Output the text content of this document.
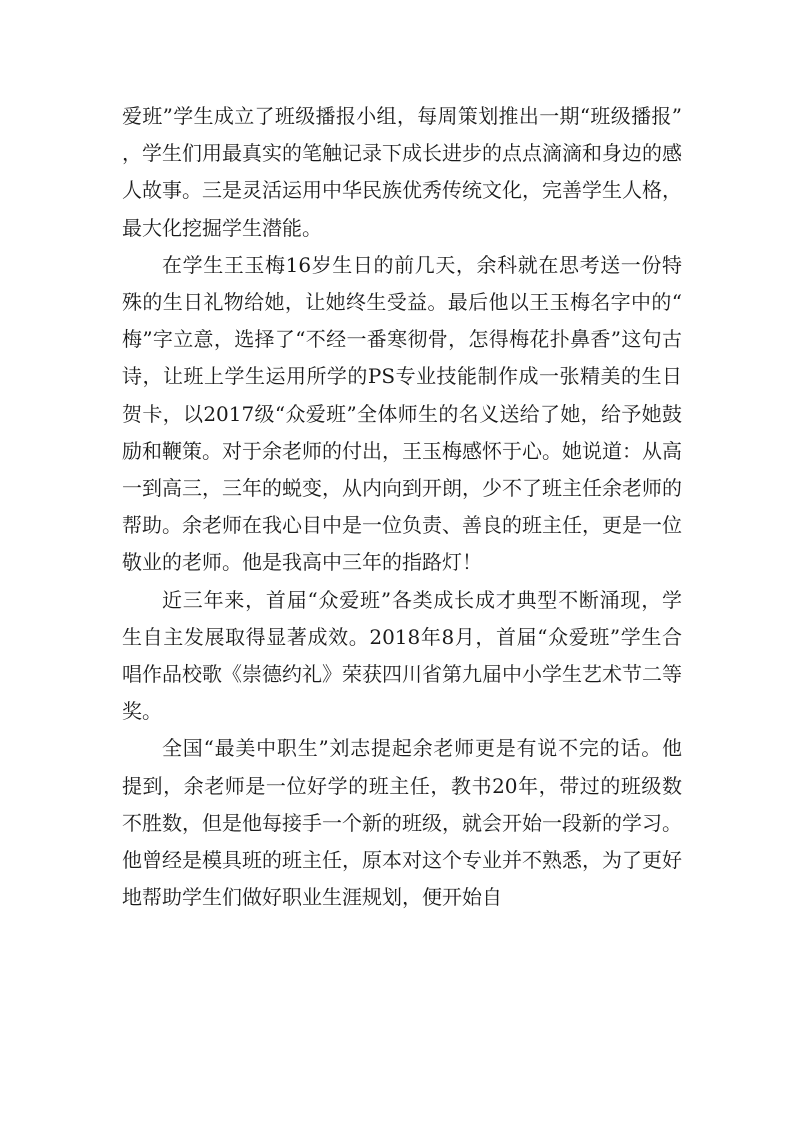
爱班”学生成立了班级播报小组，每周策划推出一期“班级播报”，学生们用最真实的笔触记录下成长进步的点点滴滴和身边的感人故事。三是灵活运用中华民族优秀传统文化，完善学生人格，最大化挖掘学生潜能。

在学生王玉梅16岁生日的前几天，余科就在思考送一份特殊的生日礼物给她，让她终生受益。最后他以王玉梅名字中的“梅”字立意，选择了“不经一番寒彻骨，怎得梅花扑鼻香”这句古诗，让班上学生运用所学的PS专业技能制作成一张精美的生日贺卡，以2017级“众爱班”全体师生的名义送给了她，给予她鼓励和鞭策。对于余老师的付出，王玉梅感怀于心。她说道：从高一到高三，三年的蜕变，从内向到开朗，少不了班主任余老师的帮助。余老师在我心目中是一位负责、善良的班主任，更是一位敬业的老师。他是我高中三年的指路灯！

近三年来，首届“众爱班”各类成长成才典型不断涌现，学生自主发展取得显著成效。2018年8月，首届“众爱班”学生合唱作品校歌《崇德约礼》荣获四川省第九届中小学生艺术节二等奖。

全国“最美中职生”刘志提起余老师更是有说不完的话。他提到，余老师是一位好学的班主任，教书20年，带过的班级数不胜数，但是他每接手一个新的班级，就会开始一段新的学习。他曾经是模具班的班主任，原本对这个专业并不熟悉，为了更好地帮助学生们做好职业生涯规划，便开始自
